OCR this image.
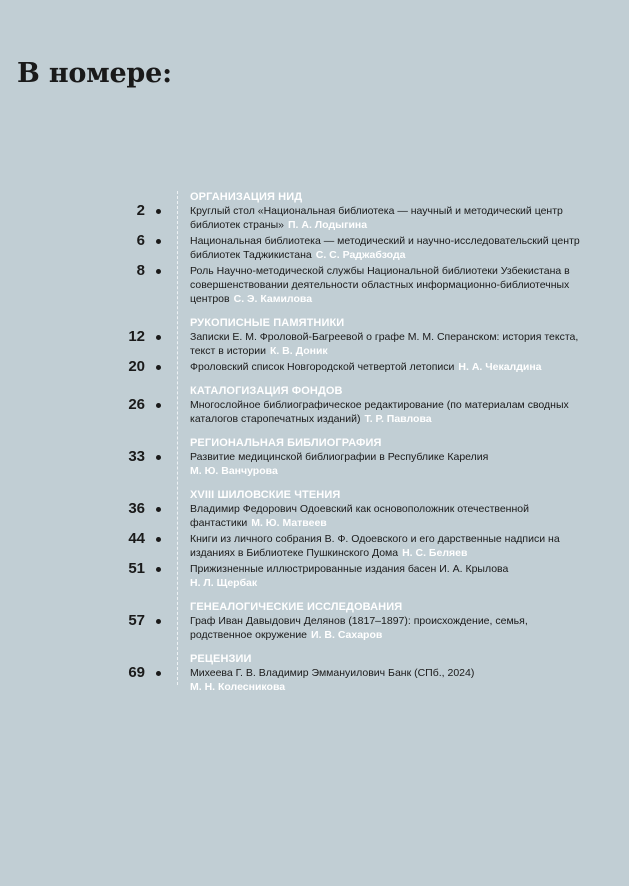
В номере:
ОРГАНИЗАЦИЯ НИД
2	Круглый стол «Национальная библиотека — научный и методический центр библиотек страны» П. А. Лодыгина
6	Национальная библиотека — методический и научно-исследовательский центр библиотек Таджикистана С. С. Раджабзода
8	Роль Научно-методической службы Национальной библиотеки Узбекистана в совершенствовании деятельности областных информационно-библиотечных центров С. Э. Камилова
РУКОПИСНЫЕ ПАМЯТНИКИ
12	Записки Е. М. Фроловой-Багреевой о графе М. М. Сперанском: история текста, текст в истории К. В. Доник
20	Фроловский список Новгородской четвертой летописи Н. А. Чекалдина
КАТАЛОГИЗАЦИЯ ФОНДОВ
26	Многослойное библиографическое редактирование (по материалам сводных каталогов старопечатных изданий) Т. Р. Павлова
РЕГИОНАЛЬНАЯ БИБЛИОГРАФИЯ
33	Развитие медицинской библиографии в Республике Карелия
М. Ю. Ванчурова
XVIII ШИЛОВСКИЕ ЧТЕНИЯ
36	Владимир Федорович Одоевский как основоположник отечественной фантастики М. Ю. Матвеев
44	Книги из личного собрания В. Ф. Одоевского и его дарственные надписи на изданиях в Библиотеке Пушкинского Дома Н. С. Беляев
51	Прижизненные иллюстрированные издания басен И. А. Крылова
Н. Л. Щербак
ГЕНЕАЛОГИЧЕСКИЕ ИССЛЕДОВАНИЯ
57	Граф Иван Давыдович Делянов (1817–1897): происхождение, семья, родственное окружение И. В. Сахаров
РЕЦЕНЗИИ
69	Михеева Г. В. Владимир Эммануилович Банк (СПб., 2024)
М. Н. Колесникова
